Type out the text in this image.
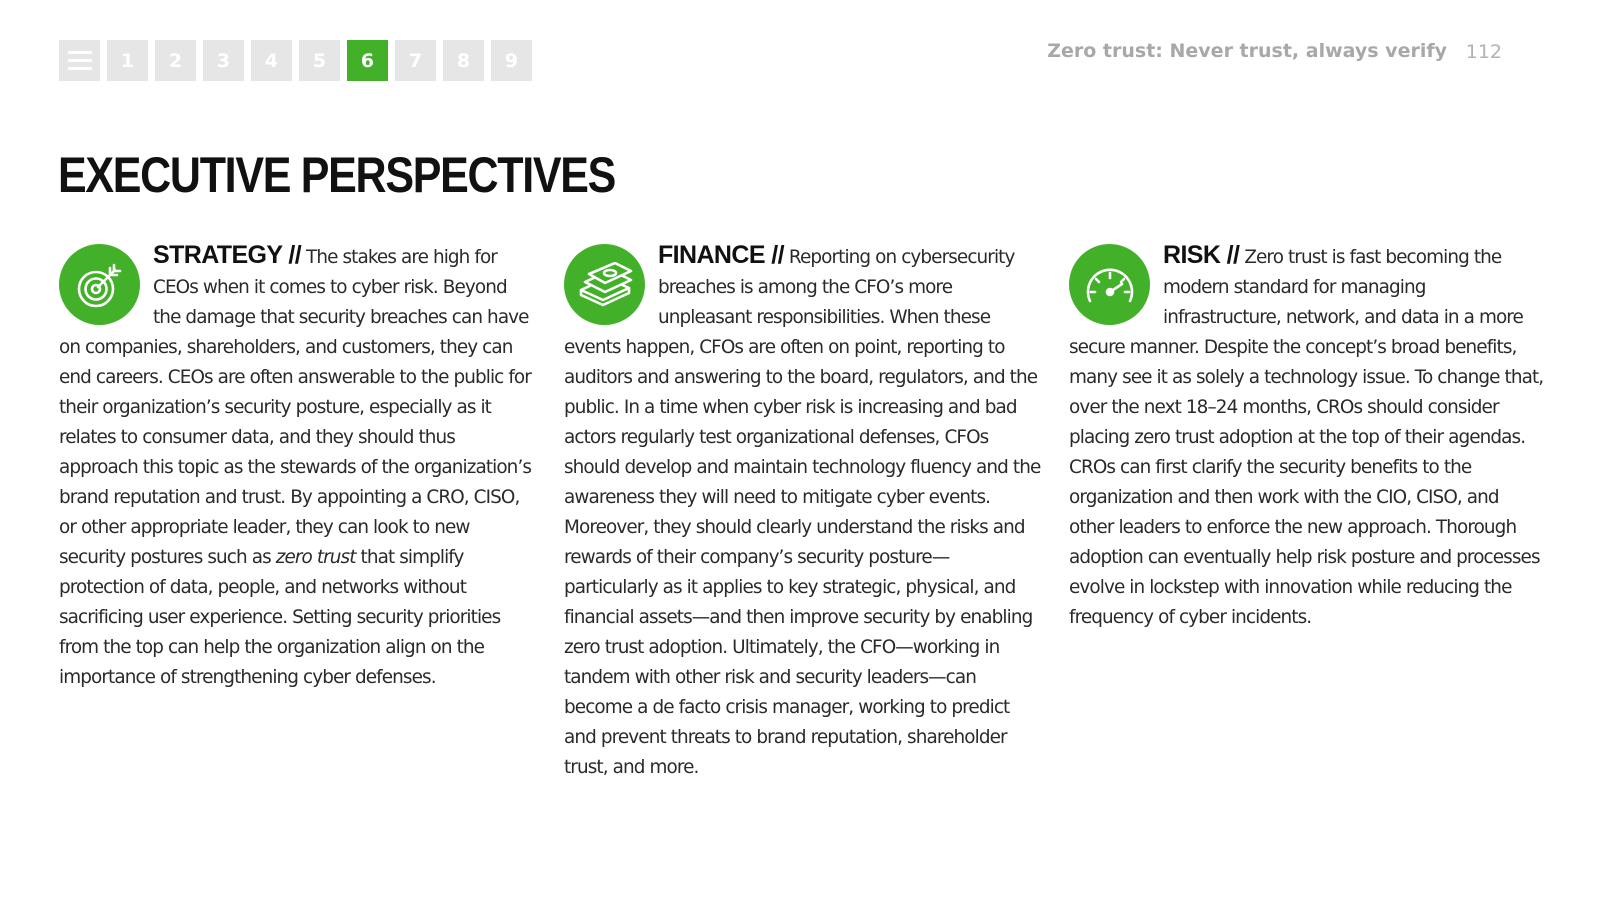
1	2	3	4	5	6	7	8	9	Zero trust: Never trust, always verify 112
EXECUTIVE PERSPECTIVES
STRATEGY // The stakes are high for CEOs when it comes to cyber risk. Beyond the damage that security breaches can have on companies, shareholders, and customers, they can end careers. CEOs are often answerable to the public for their organization’s security posture, especially as it relates to consumer data, and they should thus approach this topic as the stewards of the organization’s brand reputation and trust. By appointing a CRO, CISO, or other appropriate leader, they can look to new security postures such as zero trust that simplify protection of data, people, and networks without sacrificing user experience. Setting security priorities from the top can help the organization align on the importance of strengthening cyber defenses.
FINANCE // Reporting on cybersecurity breaches is among the CFO’s more unpleasant responsibilities. When these events happen, CFOs are often on point, reporting to auditors and answering to the board, regulators, and the public. In a time when cyber risk is increasing and bad actors regularly test organizational defenses, CFOs should develop and maintain technology fluency and the awareness they will need to mitigate cyber events. Moreover, they should clearly understand the risks and rewards of their company’s security posture—particularly as it applies to key strategic, physical, and financial assets—and then improve security by enabling zero trust adoption. Ultimately, the CFO—working in tandem with other risk and security leaders—can become a de facto crisis manager, working to predict and prevent threats to brand reputation, shareholder trust, and more.
RISK // Zero trust is fast becoming the modern standard for managing infrastructure, network, and data in a more secure manner. Despite the concept’s broad benefits, many see it as solely a technology issue. To change that, over the next 18–24 months, CROs should consider placing zero trust adoption at the top of their agendas. CROs can first clarify the security benefits to the organization and then work with the CIO, CISO, and other leaders to enforce the new approach. Thorough adoption can eventually help risk posture and processes evolve in lockstep with innovation while reducing the frequency of cyber incidents.
